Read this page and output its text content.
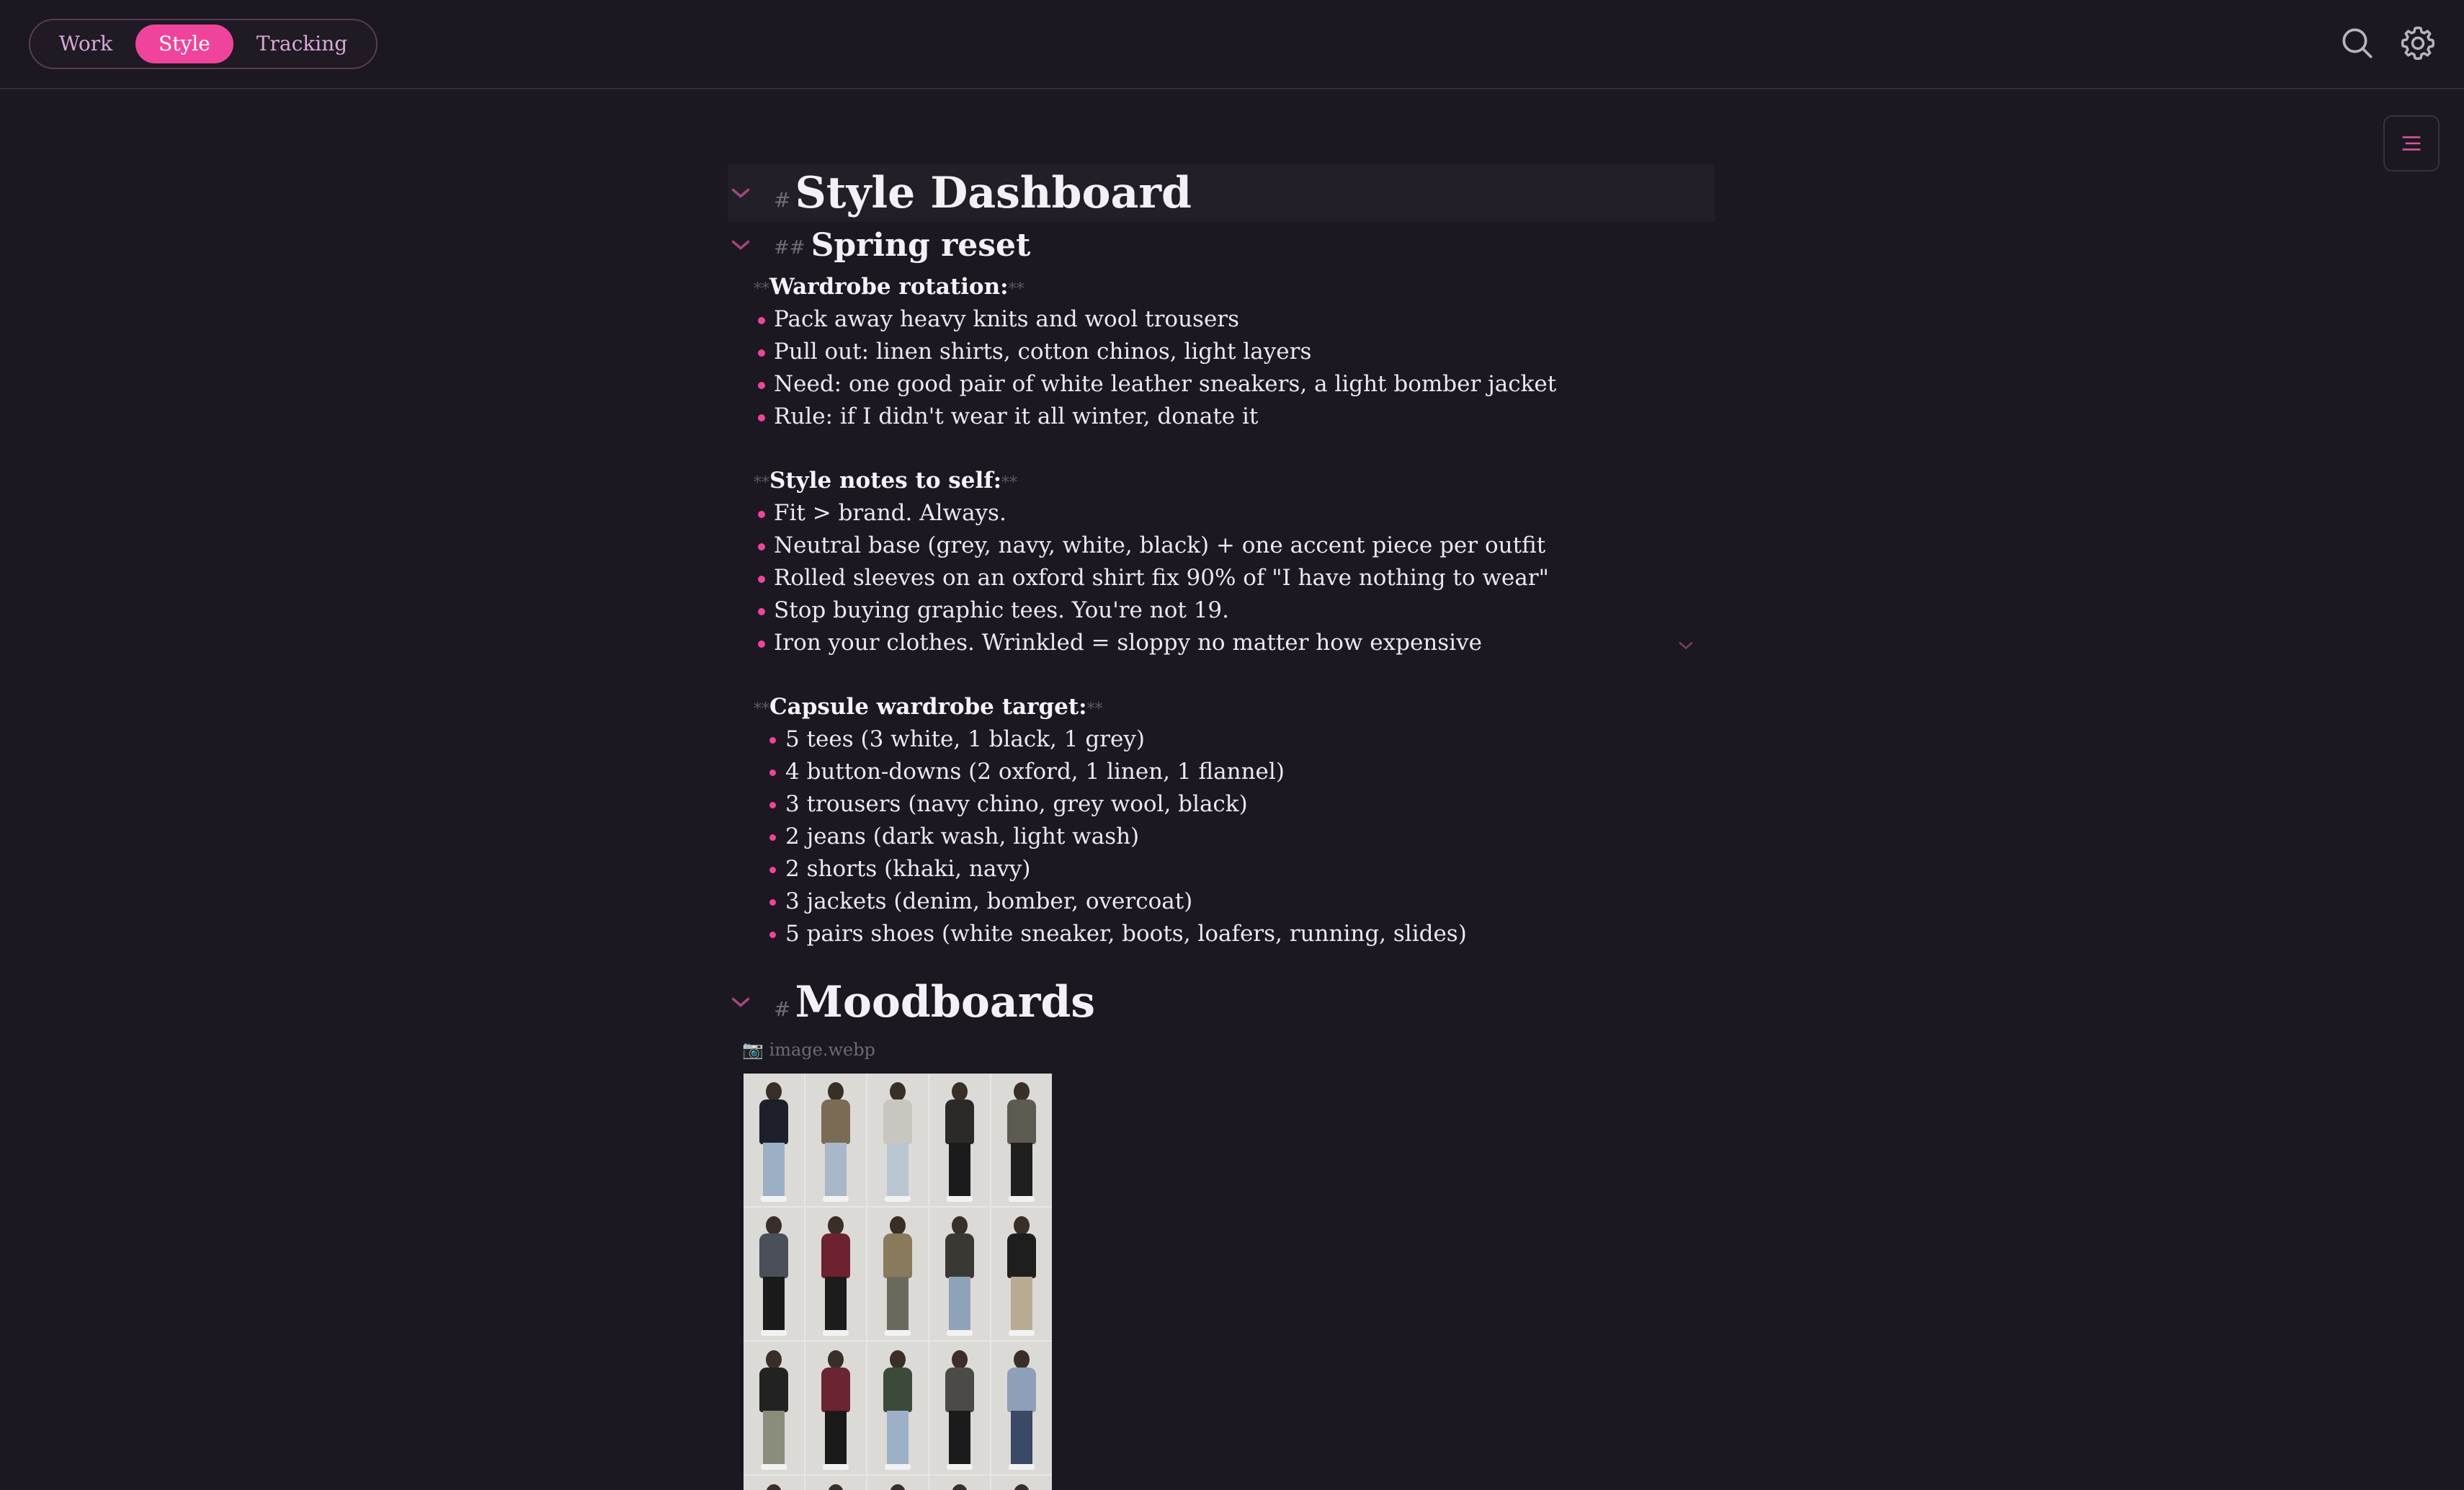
Work	Style	Tracking
# Style Dashboard
## Spring reset
**Wardrobe rotation:**
Pack away heavy knits and wool trousers
Pull out: linen shirts, cotton chinos, light layers
Need: one good pair of white leather sneakers, a light bomber jacket
Rule: if I didn't wear it all winter, donate it
**Style notes to self:**
Fit > brand. Always.
Neutral base (grey, navy, white, black) + one accent piece per outfit
Rolled sleeves on an oxford shirt fix 90% of "I have nothing to wear"
Stop buying graphic tees. You're not 19.
Iron your clothes. Wrinkled = sloppy no matter how expensive
**Capsule wardrobe target:**
5 tees (3 white, 1 black, 1 grey)
4 button-downs (2 oxford, 1 linen, 1 flannel)
3 trousers (navy chino, grey wool, black)
2 jeans (dark wash, light wash)
2 shorts (khaki, navy)
3 jackets (denim, bomber, overcoat)
5 pairs shoes (white sneaker, boots, loafers, running, slides)
# Moodboards
📷 image.webp
